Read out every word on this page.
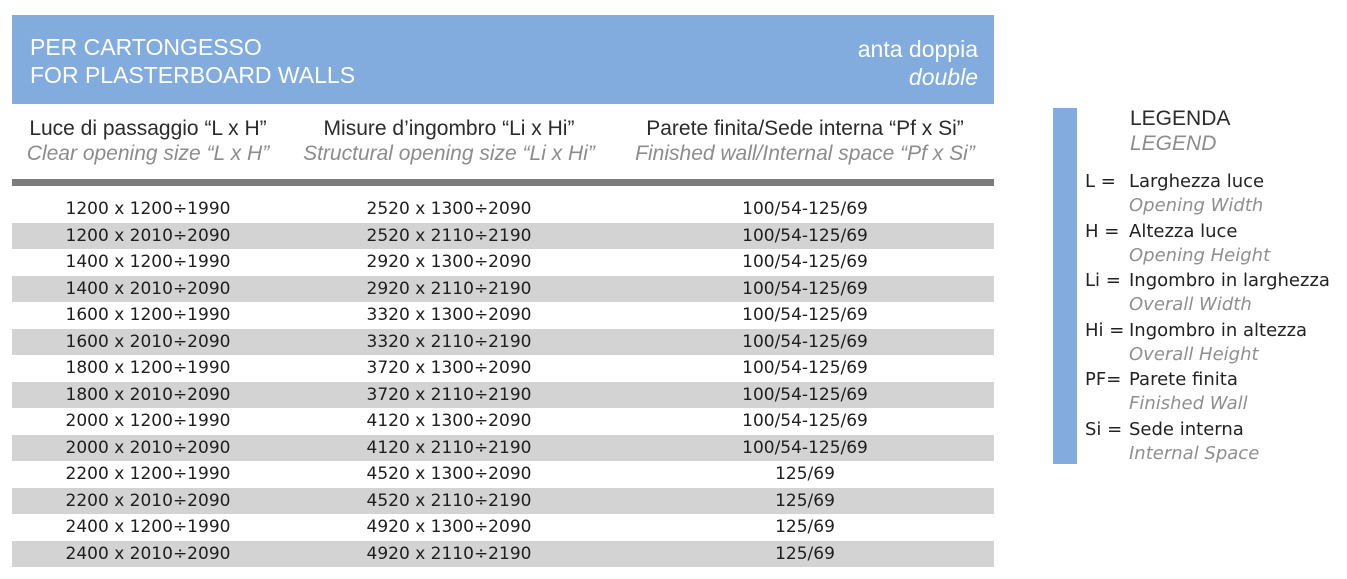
PER CARTONGESSO
FOR PLASTERBOARD WALLS
anta doppia
double
Luce di passaggio “L x H”
Clear opening size “L x H”
Misure d’ingombro “Li x Hi”
Structural opening size “Li x Hi”
Parete finita/Sede interna “Pf x Si”
Finished wall/Internal space “Pf x Si”
1200 x 1200÷1990	2520 x 1300÷2090	100/54-125/69
1200 x 2010÷2090	2520 x 2110÷2190	100/54-125/69
1400 x 1200÷1990	2920 x 1300÷2090	100/54-125/69
1400 x 2010÷2090	2920 x 2110÷2190	100/54-125/69
1600 x 1200÷1990	3320 x 1300÷2090	100/54-125/69
1600 x 2010÷2090	3320 x 2110÷2190	100/54-125/69
1800 x 1200÷1990	3720 x 1300÷2090	100/54-125/69
1800 x 2010÷2090	3720 x 2110÷2190	100/54-125/69
2000 x 1200÷1990	4120 x 1300÷2090	100/54-125/69
2000 x 2010÷2090	4120 x 2110÷2190	100/54-125/69
2200 x 1200÷1990	4520 x 1300÷2090	125/69
2200 x 2010÷2090	4520 x 2110÷2190	125/69
2400 x 1200÷1990	4920 x 1300÷2090	125/69
2400 x 2010÷2090	4920 x 2110÷2190	125/69
LEGENDA
LEGEND
L = Larghezza luce
Opening Width
H = Altezza luce
Opening Height
Li = Ingombro in larghezza
Overall Width
Hi = Ingombro in altezza
Overall Height
PF= Parete finita
Finished Wall
Si = Sede interna
Internal Space
